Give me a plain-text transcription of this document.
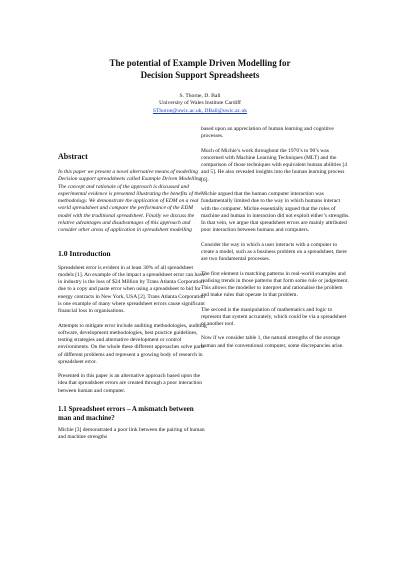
The potential of Example Driven Modelling for
Decision Support Spreadsheets
S. Thorne, D. Ball
University of Wales Institute Cardiff
SThorne@uwic.ac.uk, DBall@uwic.ac.uk
Abstract

In this paper we present a novel alternative means of modelling Decision support spreadsheets called Example Driven Modelling. The concept and rationale of the approach is discussed and experimental evidence is presented illustrating the benefits of the methodology. We demonstrate the application of EDM on a real world spreadsheet and compare the performance of the EDM model with the traditional spreadsheet. Finally we discuss the relative advantages and disadvantages of this approach and consider other areas of application in spreadsheet modelling

1.0 Introduction

Spreadsheet error is evident in at least 30% of all spreadsheet models [1]. An example of the impact a spreadsheet error can have in industry is the loss of $24 Million by Trans Atlanta Corporation due to a copy and paste error when using a spreadsheet to bid for energy contracts in New York, USA [2]. Trans Atlanta Corporation is one example of many where spreadsheet errors cause significant financial loss in organisations.

Attempts to mitigate error include auditing methodologies, auditing software, development methodologies, best practice guidelines, testing strategies and alternative development or control environments. On the whole these different approaches solve parts of different problems and represent a growing body of research in spreadsheet error.

Presented in this paper is an alternative approach based upon the idea that spreadsheet errors are created through a poor interaction between human and computer.

1.1 Spreadsheet errors – A mismatch between man and machine?

Michie [3] demonstrated a poor link between the pairing of human and machine strengths

based upon an appreciation of human learning and cognitive processes.

Much of Michie’s work throughout the 1970’s to 90’s was concerned with Machine Learning Techniques (MLT) and the comparison of those techniques with equivalent human abilities [4 and 5]. He also revealed insights into the human learning process [6].

Michie argued that the human computer interaction was fundamentally limited due to the way in which humans interact with the computer. Michie essentially argued that the roles of machine and human in interaction did not exploit either’s strengths. In that vein, we argue that spreadsheet errors are mainly attributed poor interaction between humans and computers.

Consider the way in which a user interacts with a computer to create a model, such as a business problem on a spreadsheet, there are two fundamental processes.

The first element is matching patterns in real-world examples and realising trends in those patterns that form some rule or judgement. This allows the modeller to interpret and rationalise the problem and make rules that operate in that problem.

The second is the manipulation of mathematics and logic to represent that system accurately, which could be via a spreadsheet or another tool.

Now if we consider table 1, the natural strengths of the average human and the conventional computer, some discrepancies arise.
